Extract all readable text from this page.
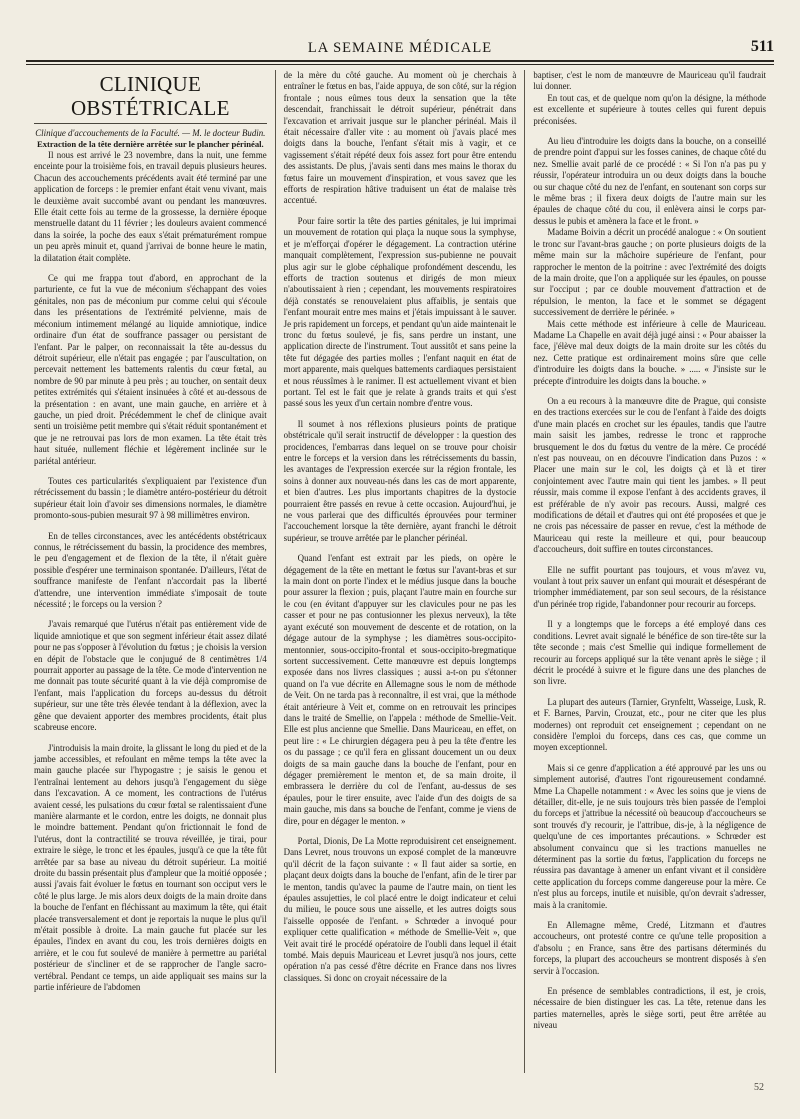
LA SEMAINE MÉDICALE	511
CLINIQUE OBSTÉTRICALE

Clinique d'accouchements de la Faculté. — M. le docteur Budin.

Extraction de la tête dernière arrêtée sur le plancher périnéal.

Il nous est arrivé le 23 novembre, dans la nuit, une femme enceinte pour la troisième fois, en travail depuis plusieurs heures. Chacun des accouchements précédents avait été terminé par une application de forceps : le premier enfant était venu vivant, mais le deuxième avait succombé avant ou pendant les manœuvres. Elle était cette fois au terme de la grossesse, la dernière époque menstruelle datant du 11 février ; les douleurs avaient commencé dans la soirée, la poche des eaux s'était prématurément rompue un peu après minuit et, quand j'arrivai de bonne heure le matin, la dilatation était complète.

Ce qui me frappa tout d'abord, en approchant de la parturiente, ce fut la vue de méconium s'échappant des voies génitales, non pas de méconium pur comme celui qui s'écoule dans les présentations de l'extrémité pelvienne, mais de méconium intimement mélangé au liquide amniotique, indice ordinaire d'un état de souffrance passager ou persistant de l'enfant. Par le palper, on reconnaissait la tête au-dessus du détroit supérieur, elle n'était pas engagée ; par l'auscultation, on percevait nettement les battements ralentis du cœur fœtal, au nombre de 90 par minute à peu près ; au toucher, on sentait deux petites extrémités qui s'étaient insinuées à côté et au-dessous de la présentation : en avant, une main gauche, en arrière et à gauche, un pied droit. Précédemment le chef de clinique avait senti un troisième petit membre qui s'était réduit spontanément et que je ne retrouvai pas lors de mon examen. La tête était très haut située, nullement fléchie et légèrement inclinée sur le pariétal antérieur.

Toutes ces particularités s'expliquaient par l'existence d'un rétrécissement du bassin ; le diamètre antéro-postérieur du détroit supérieur était loin d'avoir ses dimensions normales, le diamètre promonto-sous-pubien mesurait 97 à 98 millimètres environ.

En de telles circonstances, avec les antécédents obstétricaux connus, le rétrécissement du bassin, la procidence des membres, le peu d'engagement et de flexion de la tête, il n'était guère possible d'espérer une terminaison spontanée. D'ailleurs, l'état de souffrance manifeste de l'enfant n'accordait pas la liberté d'attendre, une intervention immédiate s'imposait de toute nécessité ; le forceps ou la version ?

J'avais remarqué que l'utérus n'était pas entièrement vide de liquide amniotique et que son segment inférieur était assez dilaté pour ne pas s'opposer à l'évolution du fœtus ; je choisis la version en dépit de l'obstacle que le conjugué de 8 centimètres 1/4 pourrait apporter au passage de la tête. Ce mode d'intervention ne me donnait pas toute sécurité quant à la vie déjà compromise de l'enfant, mais l'application du forceps au-dessus du détroit supérieur, sur une tête très élevée tendant à la déflexion, avec la gêne que devaient apporter des membres procidents, était plus scabreuse encore.

J'introduisis la main droite, la glissant le long du pied et de la jambe accessibles, et refoulant en même temps la tête avec la main gauche placée sur l'hypogastre ; je saisis le genou et l'entraînai lentement au dehors jusqu'à l'engagement du siège dans l'excavation. A ce moment, les contractions de l'utérus avaient cessé, les pulsations du cœur fœtal se ralentissaient d'une manière alarmante et le cordon, entre les doigts, ne donnait plus le moindre battement. Pendant qu'on frictionnait le fond de l'utérus, dont la contractilité se trouva réveillée, je tirai, pour extraire le siège, le tronc et les épaules, jusqu'à ce que la tête fût arrêtée par sa base au niveau du détroit supérieur. La moitié droite du bassin présentait plus d'ampleur que la moitié opposée ; aussi j'avais fait évoluer le fœtus en tournant son occiput vers le côté le plus large. Je mis alors deux doigts de la main droite dans la bouche de l'enfant en fléchissant au maximum la tête, qui était placée transversalement et dont je reportais la nuque le plus qu'il m'était possible à droite. La main gauche fut placée sur les épaules, l'index en avant du cou, les trois dernières doigts en arrière, et le cou fut soulevé de manière à permettre au pariétal postérieur de s'incliner et de se rapprocher de l'angle sacro-vertébral. Pendant ce temps, un aide appliquait ses mains sur la partie inférieure de l'abdomen

de la mère du côté gauche. Au moment où je cherchais à entraîner le fœtus en bas, l'aide appuya, de son côté, sur la région frontale ; nous eûmes tous deux la sensation que la tête descendait, franchissait le détroit supérieur, pénétrait dans l'excavation et arrivait jusque sur le plancher périnéal. Mais il était nécessaire d'aller vite : au moment où j'avais placé mes doigts dans la bouche, l'enfant s'était mis à vagir, et ce vagissement s'était répété deux fois assez fort pour être entendu des assistants. De plus, j'avais senti dans mes mains le thorax du fœtus faire un mouvement d'inspiration, et vous savez que les efforts de respiration hâtive traduisent un état de malaise très accentué.

Pour faire sortir la tête des parties génitales, je lui imprimai un mouvement de rotation qui plaça la nuque sous la symphyse, et je m'efforçai d'opérer le dégagement. La contraction utérine manquait complètement, l'expression sus-pubienne ne pouvait plus agir sur le globe céphalique profondément descendu, les efforts de traction soutenus et dirigés de mon mieux n'aboutissaient à rien ; cependant, les mouvements respiratoires déjà constatés se renouvelaient plus affaiblis, je sentais que l'enfant mourait entre mes mains et j'étais impuissant à le sauver. Je pris rapidement un forceps, et pendant qu'un aide maintenait le tronc du fœtus soulevé, je fis, sans perdre un instant, une application directe de l'instrument. Tout aussitôt et sans peine la tête fut dégagée des parties molles ; l'enfant naquit en état de mort apparente, mais quelques battements cardiaques persistaient et nous réussîmes à le ranimer. Il est actuellement vivant et bien portant. Tel est le fait que je relate à grands traits et qui s'est passé sous les yeux d'un certain nombre d'entre vous.

Il soumet à nos réflexions plusieurs points de pratique obstétricale qu'il serait instructif de développer : la question des procidences, l'embarras dans lequel on se trouve pour choisir entre le forceps et la version dans les rétrécissements du bassin, les avantages de l'expression exercée sur la région frontale, les soins à donner aux nouveau-nés dans les cas de mort apparente, et bien d'autres. Les plus importants chapitres de la dystocie pourraient être passés en revue à cette occasion. Aujourd'hui, je ne vous parlerai que des difficultés éprouvées pour terminer l'accouchement lorsque la tête dernière, ayant franchi le détroit supérieur, se trouve arrêtée par le plancher périnéal.

Quand l'enfant est extrait par les pieds, on opère le dégagement de la tête en mettant le fœtus sur l'avant-bras et sur la main dont on porte l'index et le médius jusque dans la bouche pour assurer la flexion ; puis, plaçant l'autre main en fourche sur le cou (en évitant d'appuyer sur les clavicules pour ne pas les casser et pour ne pas contusionner les plexus nerveux), la tête ayant exécuté son mouvement de descente et de rotation, on la dégage autour de la symphyse ; les diamètres sous-occipito-mentonnier, sous-occipito-frontal et sous-occipito-bregmatique sortent successivement. Cette manœuvre est depuis longtemps exposée dans nos livres classiques ; aussi a-t-on pu s'étonner quand on l'a vue décrite en Allemagne sous le nom de méthode de Veit. On ne tarda pas à reconnaître, il est vrai, que la méthode était antérieure à Veit et, comme on en retrouvait les principes dans le traité de Smellie, on l'appela : méthode de Smellie-Veit. Elle est plus ancienne que Smellie. Dans Mauriceau, en effet, on peut lire : « Le chirurgien dégagera peu à peu la tête d'entre les os du passage ; ce qu'il fera en glissant doucement un ou deux doigts de sa main gauche dans la bouche de l'enfant, pour en dégager premièrement le menton et, de sa main droite, il embrassera le derrière du col de l'enfant, au-dessus de ses épaules, pour le tirer ensuite, avec l'aide d'un des doigts de sa main gauche, mis dans sa bouche de l'enfant, comme je viens de dire, pour en dégager le menton. »

Portal, Dionis, De La Motte reproduisirent cet enseignement. Dans Levret, nous trouvons un exposé complet de la manœuvre qu'il décrit de la façon suivante : « Il faut aider sa sortie, en plaçant deux doigts dans la bouche de l'enfant, afin de le tirer par le menton, tandis qu'avec la paume de l'autre main, on tient les épaules assujetties, le col placé entre le doigt indicateur et celui du milieu, le pouce sous une aisselle, et les autres doigts sous l'aisselle opposée de l'enfant. » Schrœder a invoqué pour expliquer cette qualification « méthode de Smellie-Veit », que Veit avait tiré le procédé opératoire de l'oubli dans lequel il était tombé. Mais depuis Mauriceau et Levret jusqu'à nos jours, cette opération n'a pas cessé d'être décrite en France dans nos livres classiques. Si donc on croyait nécessaire de la

baptiser, c'est le nom de manœuvre de Mauriceau qu'il faudrait lui donner.

En tout cas, et de quelque nom qu'on la désigne, la méthode est excellente et supérieure à toutes celles qui furent depuis préconisées.

Au lieu d'introduire les doigts dans la bouche, on a conseillé de prendre point d'appui sur les fosses canines, de chaque côté du nez. Smellie avait parlé de ce procédé : « Si l'on n'a pas pu y réussir, l'opérateur introduira un ou deux doigts dans la bouche ou sur chaque côté du nez de l'enfant, en soutenant son corps sur le même bras ; il fixera deux doigts de l'autre main sur les épaules de chaque côté du cou, il enlèvera ainsi le corps par-dessus le pubis et amènera la face et le front. »

Madame Boivin a décrit un procédé analogue : « On soutient le tronc sur l'avant-bras gauche ; on porte plusieurs doigts de la même main sur la mâchoire supérieure de l'enfant, pour rapprocher le menton de la poitrine : avec l'extrémité des doigts de la main droite, que l'on a appliquée sur les épaules, on pousse sur l'occiput ; par ce double mouvement d'attraction et de répulsion, le menton, la face et le sommet se dégagent successivement de derrière le périnée. »

Mais cette méthode est inférieure à celle de Mauriceau. Madame La Chapelle en avait déjà jugé ainsi : « Pour abaisser la face, j'élève mal deux doigts de la main droite sur les côtés du nez. Cette pratique est ordinairement moins sûre que celle d'introduire les doigts dans la bouche. » ..... « J'insiste sur le précepte d'introduire les doigts dans la bouche. »

On a eu recours à la manœuvre dite de Prague, qui consiste en des tractions exercées sur le cou de l'enfant à l'aide des doigts d'une main placés en crochet sur les épaules, tandis que l'autre main saisit les jambes, redresse le tronc et rapproche brusquement le dos du fœtus du ventre de la mère. Ce procédé n'est pas nouveau, on en découvre l'indication dans Puzos : « Placer une main sur le col, les doigts çà et là et tirer conjointement avec l'autre main qui tient les jambes. » Il peut réussir, mais comme il expose l'enfant à des accidents graves, il est préférable de n'y avoir pas recours. Aussi, malgré ces modifications de détail et d'autres qui ont été proposées et que je ne crois pas nécessaire de passer en revue, c'est la méthode de Mauriceau qui reste la meilleure et qui, pour beaucoup d'accoucheurs, doit suffire en toutes circonstances.

Elle ne suffit pourtant pas toujours, et vous m'avez vu, voulant à tout prix sauver un enfant qui mourait et désespérant de triompher immédiatement, par son seul secours, de la résistance d'un périnée trop rigide, l'abandonner pour recourir au forceps.

Il y a longtemps que le forceps a été employé dans ces conditions. Levret avait signalé le bénéfice de son tire-tête sur la tête seconde ; mais c'est Smellie qui indique formellement de recourir au forceps appliqué sur la tête venant après le siège ; il décrit le procédé à suivre et le figure dans une des planches de son livre.

La plupart des auteurs (Tarnier, Grynfeltt, Wasseige, Lusk, R. et F. Barnes, Parvin, Crouzat, etc., pour ne citer que les plus modernes) ont reproduit cet enseignement ; cependant on ne considère l'emploi du forceps, dans ces cas, que comme un moyen exceptionnel.

Mais si ce genre d'application a été approuvé par les uns ou simplement autorisé, d'autres l'ont rigoureusement condamné. Mme La Chapelle notamment : « Avec les soins que je viens de détailler, dit-elle, je ne suis toujours très bien passée de l'emploi du forceps et j'attribue la nécessité où beaucoup d'accoucheurs se sont trouvés d'y recourir, je l'attribue, dis-je, à la négligence de quelqu'une de ces importantes précautions. » Schrœder est absolument convaincu que si les tractions manuelles ne déterminent pas la sortie du fœtus, l'application du forceps ne réussira pas davantage à amener un enfant vivant et il considère cette application du forceps comme dangereuse pour la mère. Ce n'est plus au forceps, inutile et nuisible, qu'on devrait s'adresser, mais à la cranitomie.

En Allemagne même, Credé, Litzmann et d'autres accoucheurs, ont protesté contre ce qu'une telle proposition a d'absolu ; en France, sans être des partisans déterminés du forceps, la plupart des accoucheurs se montrent disposés à s'en servir à l'occasion.

En présence de semblables contradictions, il est, je crois, nécessaire de bien distinguer les cas. La tête, retenue dans les parties maternelles, après le siège sorti, peut être arrêtée au niveau

52
